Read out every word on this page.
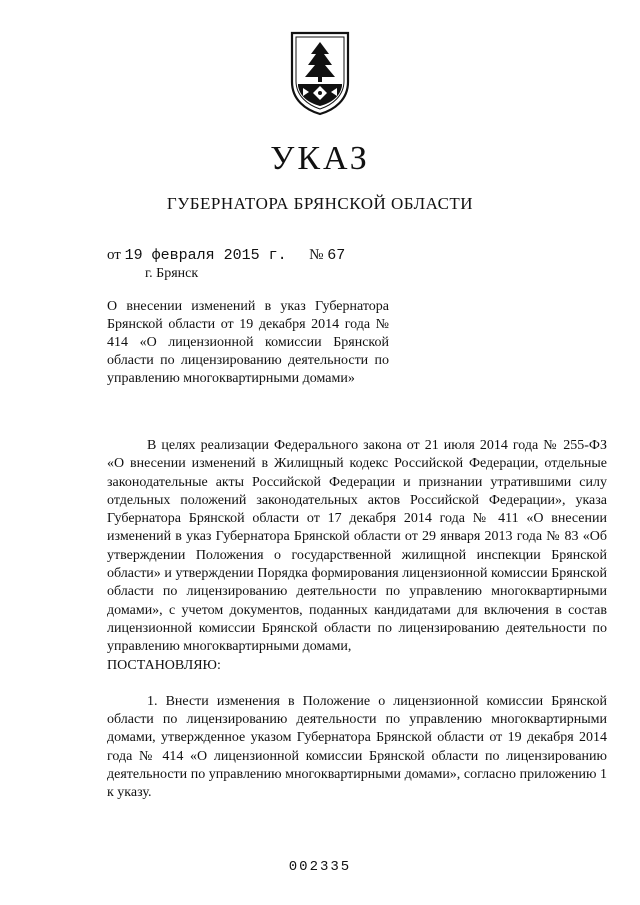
УКАЗ
ГУБЕРНАТОРА БРЯНСКОЙ ОБЛАСТИ
от 19 февраля 2015 г. № 67
г. Брянск

О внесении изменений в указ Губернатора Брянской области от 19 декабря 2014 года № 414 «О лицензионной комиссии Брянской области по лицензированию деятельности по управлению многоквартирными домами»

В целях реализации Федерального закона от 21 июля 2014 года № 255-ФЗ «О внесении изменений в Жилищный кодекс Российской Федерации, отдельные законодательные акты Российской Федерации и признании утратившими силу отдельных положений законодательных актов Российской Федерации», указа Губернатора Брянской области от 17 декабря 2014 года № 411 «О внесении изменений в указ Губернатора Брянской области от 29 января 2013 года № 83 «Об утверждении Положения о государственной жилищной инспекции Брянской области» и утверждении Порядка формирования лицензионной комиссии Брянской области по лицензированию деятельности по управлению многоквартирными домами», с учетом документов, поданных кандидатами для включения в состав лицензионной комиссии Брянской области по лицензированию деятельности по управлению многоквартирными домами,

ПОСТАНОВЛЯЮ:

1. Внести изменения в Положение о лицензионной комиссии Брянской области по лицензированию деятельности по управлению многоквартирными домами, утвержденное указом Губернатора Брянской области от 19 декабря 2014 года № 414 «О лицензионной комиссии Брянской области по лицензированию деятельности по управлению многоквартирными домами», согласно приложению 1 к указу.

002335
